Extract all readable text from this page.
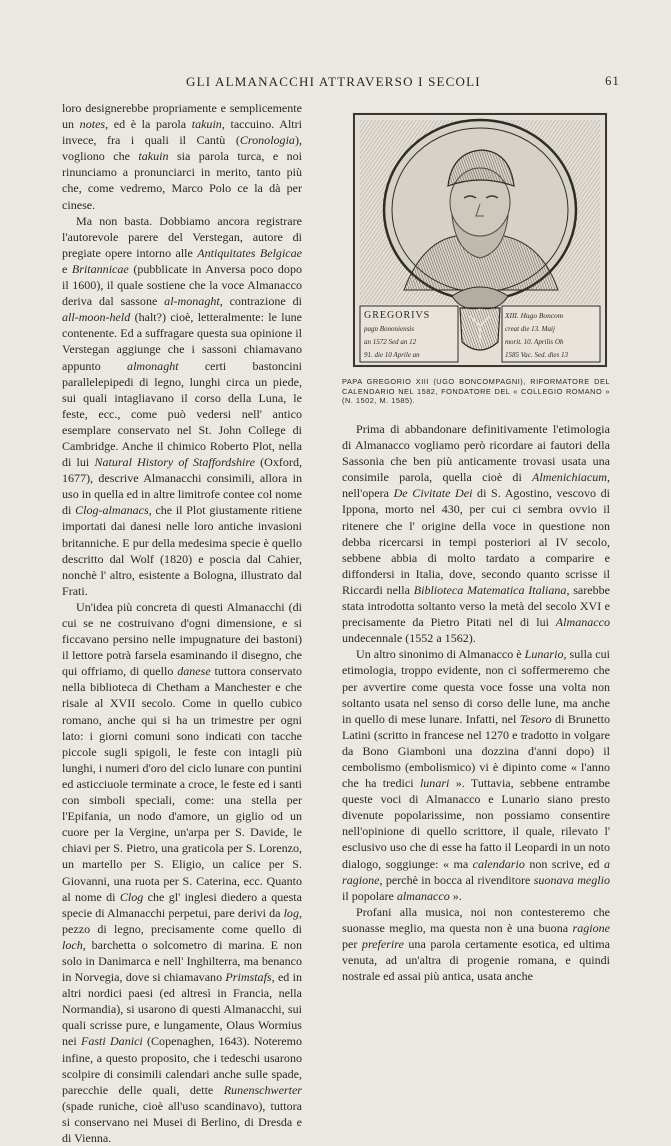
GLI ALMANACCHI ATTRAVERSO I SECOLI	61

loro designerebbe propriamente e semplicemente un notes, ed è la parola takuin, taccuino. Altri invece, fra i quali il Cantù (Cronologia), vogliono che takuin sia parola turca, e noi rinunciamo a pronunciarci in merito, tanto più che, come vedremo, Marco Polo ce la dà per cinese.

Ma non basta. Dobbiamo ancora registrare l'autorevole parere del Verstegan, autore di pregiate opere intorno alle Antiquitates Belgicae e Britannicae (pubblicate in Anversa poco dopo il 1600), il quale sostiene che la voce Almanacco deriva dal sassone al-monaght, contrazione di all-moon-held (halt?) cioè, letteralmente: le lune contenente. Ed a suffragare questa sua opinione il Verstegan aggiunge che i sassoni chiamavano appunto almonaght certi bastoncini parallelepipedi di legno, lunghi circa un piede, sui quali intagliavano il corso della Luna, le feste, ecc., come può vedersi nell' antico esemplare conservato nel St. John College di Cambridge. Anche il chimico Roberto Plot, nella di lui Natural History of Staffordshire (Oxford, 1677), descrive Almanacchi consimili, allora in uso in quella ed in altre limitrofe contee col nome di Clog-almanacs, che il Plot giustamente ritiene importati dai danesi nelle loro antiche invasioni britanniche. E pur della medesima specie è quello descritto dal Wolf (1820) e poscia dal Cahier, nonchè l' altro, esistente a Bologna, illustrato dal Frati.

Un'idea più concreta di questi Almanacchi (di cui se ne costruivano d'ogni dimensione, e si ficcavano persino nelle impugnature dei bastoni) il lettore potrà farsela esaminando il disegno, che qui offriamo, di quello danese tuttora conservato nella biblioteca di Chetham a Manchester e che risale al XVII secolo. Come in quello cubico romano, anche qui si ha un trimestre per ogni lato: i giorni comuni sono indicati con tacche piccole sugli spigoli, le feste con intagli più lunghi, i numeri d'oro del ciclo lunare con puntini ed asticciuole terminate a croce, le feste ed i santi con simboli speciali, come: una stella per l'Epifania, un nodo d'amore, un giglio od un cuore per la Vergine, un'arpa per S. Davide, le chiavi per S. Pietro, una graticola per S. Lorenzo, un martello per S. Eligio, un calice per S. Giovanni, una ruota per S. Caterina, ecc. Quanto al nome di Clog che gl' inglesi diedero a questa specie di Almanacchi perpetui, pare derivi da log, pezzo di legno, precisamente come quello di loch, barchetta o solcometro di marina. E non solo in Danimarca e nell' Inghilterra, ma benanco in Norvegia, dove si chiamavano Primstafs, ed in altri nordici paesi (ed altresì in Francia, nella Normandia), si usarono di questi Almanacchi, sui quali scrisse pure, e lungamente, Olaus Wormius nei Fasti Danici (Copenaghen, 1643). Noteremo infine, a questo proposito, che i tedeschi usarono scolpire di consimili calendari anche sulle spade, parecchie delle quali, dette Runenschwerter (spade runiche, cioè all'uso scandinavo), tuttora si conservano nei Musei di Berlino, di Dresda e di Vienna.

GREGORIVS
pagn Bononiensis
an 1572 Sed an 12
91. die 10 Aprile an
XIII. Hugo Boncom
creat die 13. Maij
morit. 10. Aprilis Ob
1585 Vac. Sed. dies 13
PAPA GREGORIO XIII (UGO BONCOMPAGNI), RIFORMATORE DEL CALENDARIO NEL 1582, FONDATORE DEL « COLLEGIO ROMANO » (N. 1502, M. 1585).

Prima di abbandonare definitivamente l'etimologia di Almanacco vogliamo però ricordare ai fautori della Sassonia che ben più anticamente trovasi usata una consimile parola, quella cioè di Almenichiacum, nell'opera De Civitate Dei di S. Agostino, vescovo di Ippona, morto nel 430, per cui ci sembra ovvio il ritenere che l' origine della voce in questione non debba ricercarsi in tempi posteriori al IV secolo, sebbene abbia di molto tardato a comparire e diffondersi in Italia, dove, secondo quanto scrisse il Riccardi nella Biblioteca Matematica Italiana, sarebbe stata introdotta soltanto verso la metà del secolo XVI e precisamente da Pietro Pitati nel di lui Almanacco undecennale (1552 a 1562).

Un altro sinonimo di Almanacco è Lunario, sulla cui etimologia, troppo evidente, non ci soffermeremo che per avvertire come questa voce fosse una volta non soltanto usata nel senso di corso delle lune, ma anche in quello di mese lunare. Infatti, nel Tesoro di Brunetto Latini (scritto in francese nel 1270 e tradotto in volgare da Bono Giamboni una dozzina d'anni dopo) il cembolismo (embolismico) vi è dipinto come « l'anno che ha tredici lunari ». Tuttavia, sebbene entrambe queste voci di Almanacco e Lunario siano presto divenute popolarissime, non possiamo consentire nell'opinione di quello scrittore, il quale, rilevato l' esclusivo uso che di esse ha fatto il Leopardi in un noto dialogo, soggiunge: « ma calendario non scrive, ed a ragione, perchè in bocca al rivenditore suonava meglio il popolare almanacco ».

Profani alla musica, noi non contesteremo che suonasse meglio, ma questa non è una buona ragione per preferire una parola certamente esotica, ed ultima venuta, ad un'altra di progenie romana, e quindi nostrale ed assai più antica, usata anche
